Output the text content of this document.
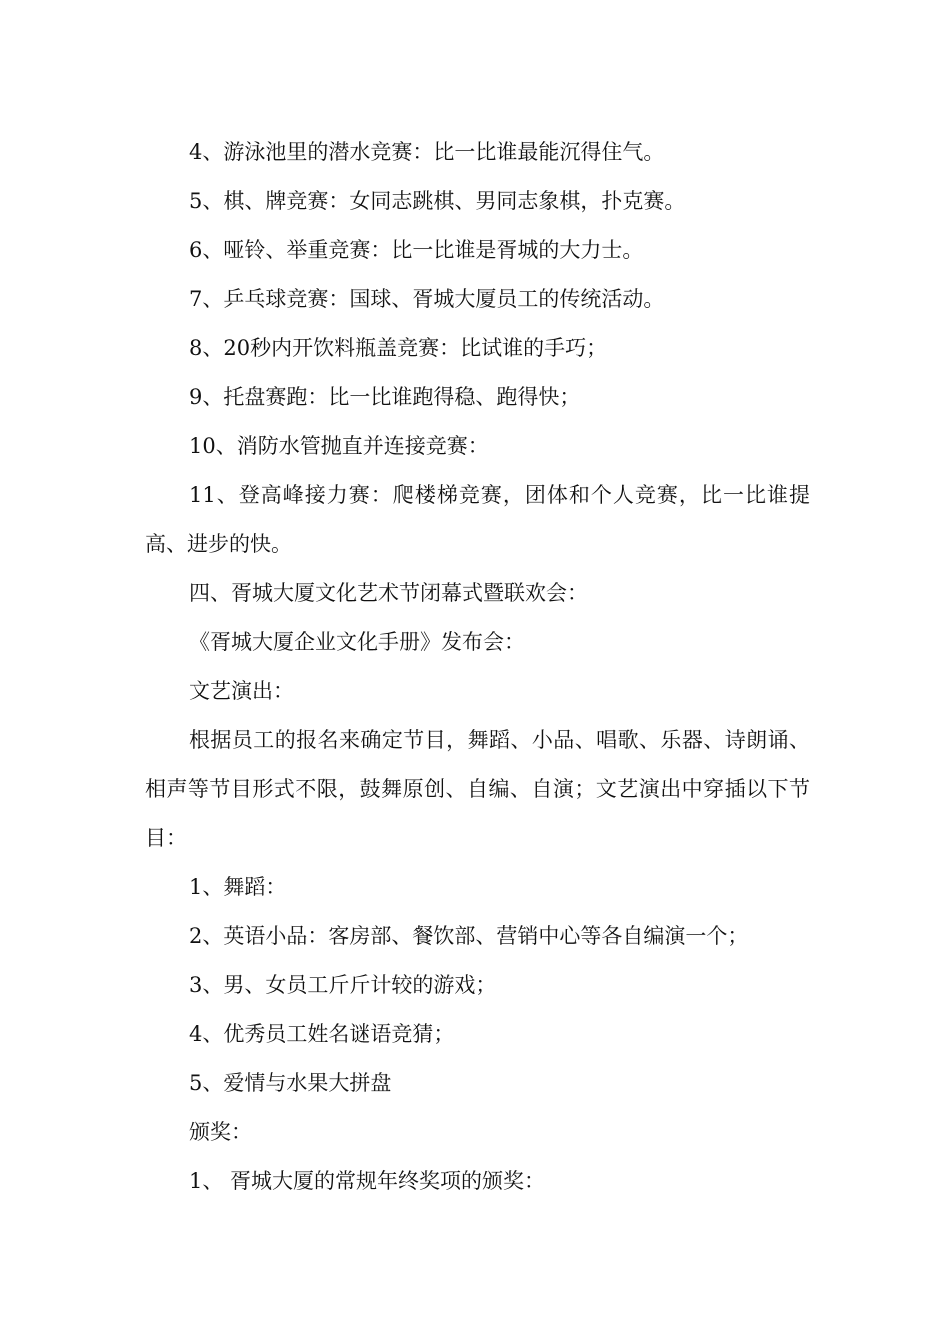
4、游泳池里的潜水竞赛：比一比谁最能沉得住气。

5、棋、牌竞赛：女同志跳棋、男同志象棋，扑克赛。

6、哑铃、举重竞赛：比一比谁是胥城的大力士。

7、乒乓球竞赛：国球、胥城大厦员工的传统活动。

8、20秒内开饮料瓶盖竞赛：比试谁的手巧；

9、托盘赛跑：比一比谁跑得稳、跑得快；

10、消防水管抛直并连接竞赛：

11、登高峰接力赛：爬楼梯竞赛，团体和个人竞赛，比一比谁提高、进步的快。

四、胥城大厦文化艺术节闭幕式暨联欢会：

《胥城大厦企业文化手册》发布会：

文艺演出：

根据员工的报名来确定节目，舞蹈、小品、唱歌、乐器、诗朗诵、相声等节目形式不限，鼓舞原创、自编、自演；文艺演出中穿插以下节目：

1、舞蹈：

2、英语小品：客房部、餐饮部、营销中心等各自编演一个；

3、男、女员工斤斤计较的游戏；

4、优秀员工姓名谜语竞猜；

5、爱情与水果大拼盘

颁奖：

1、 胥城大厦的常规年终奖项的颁奖：
